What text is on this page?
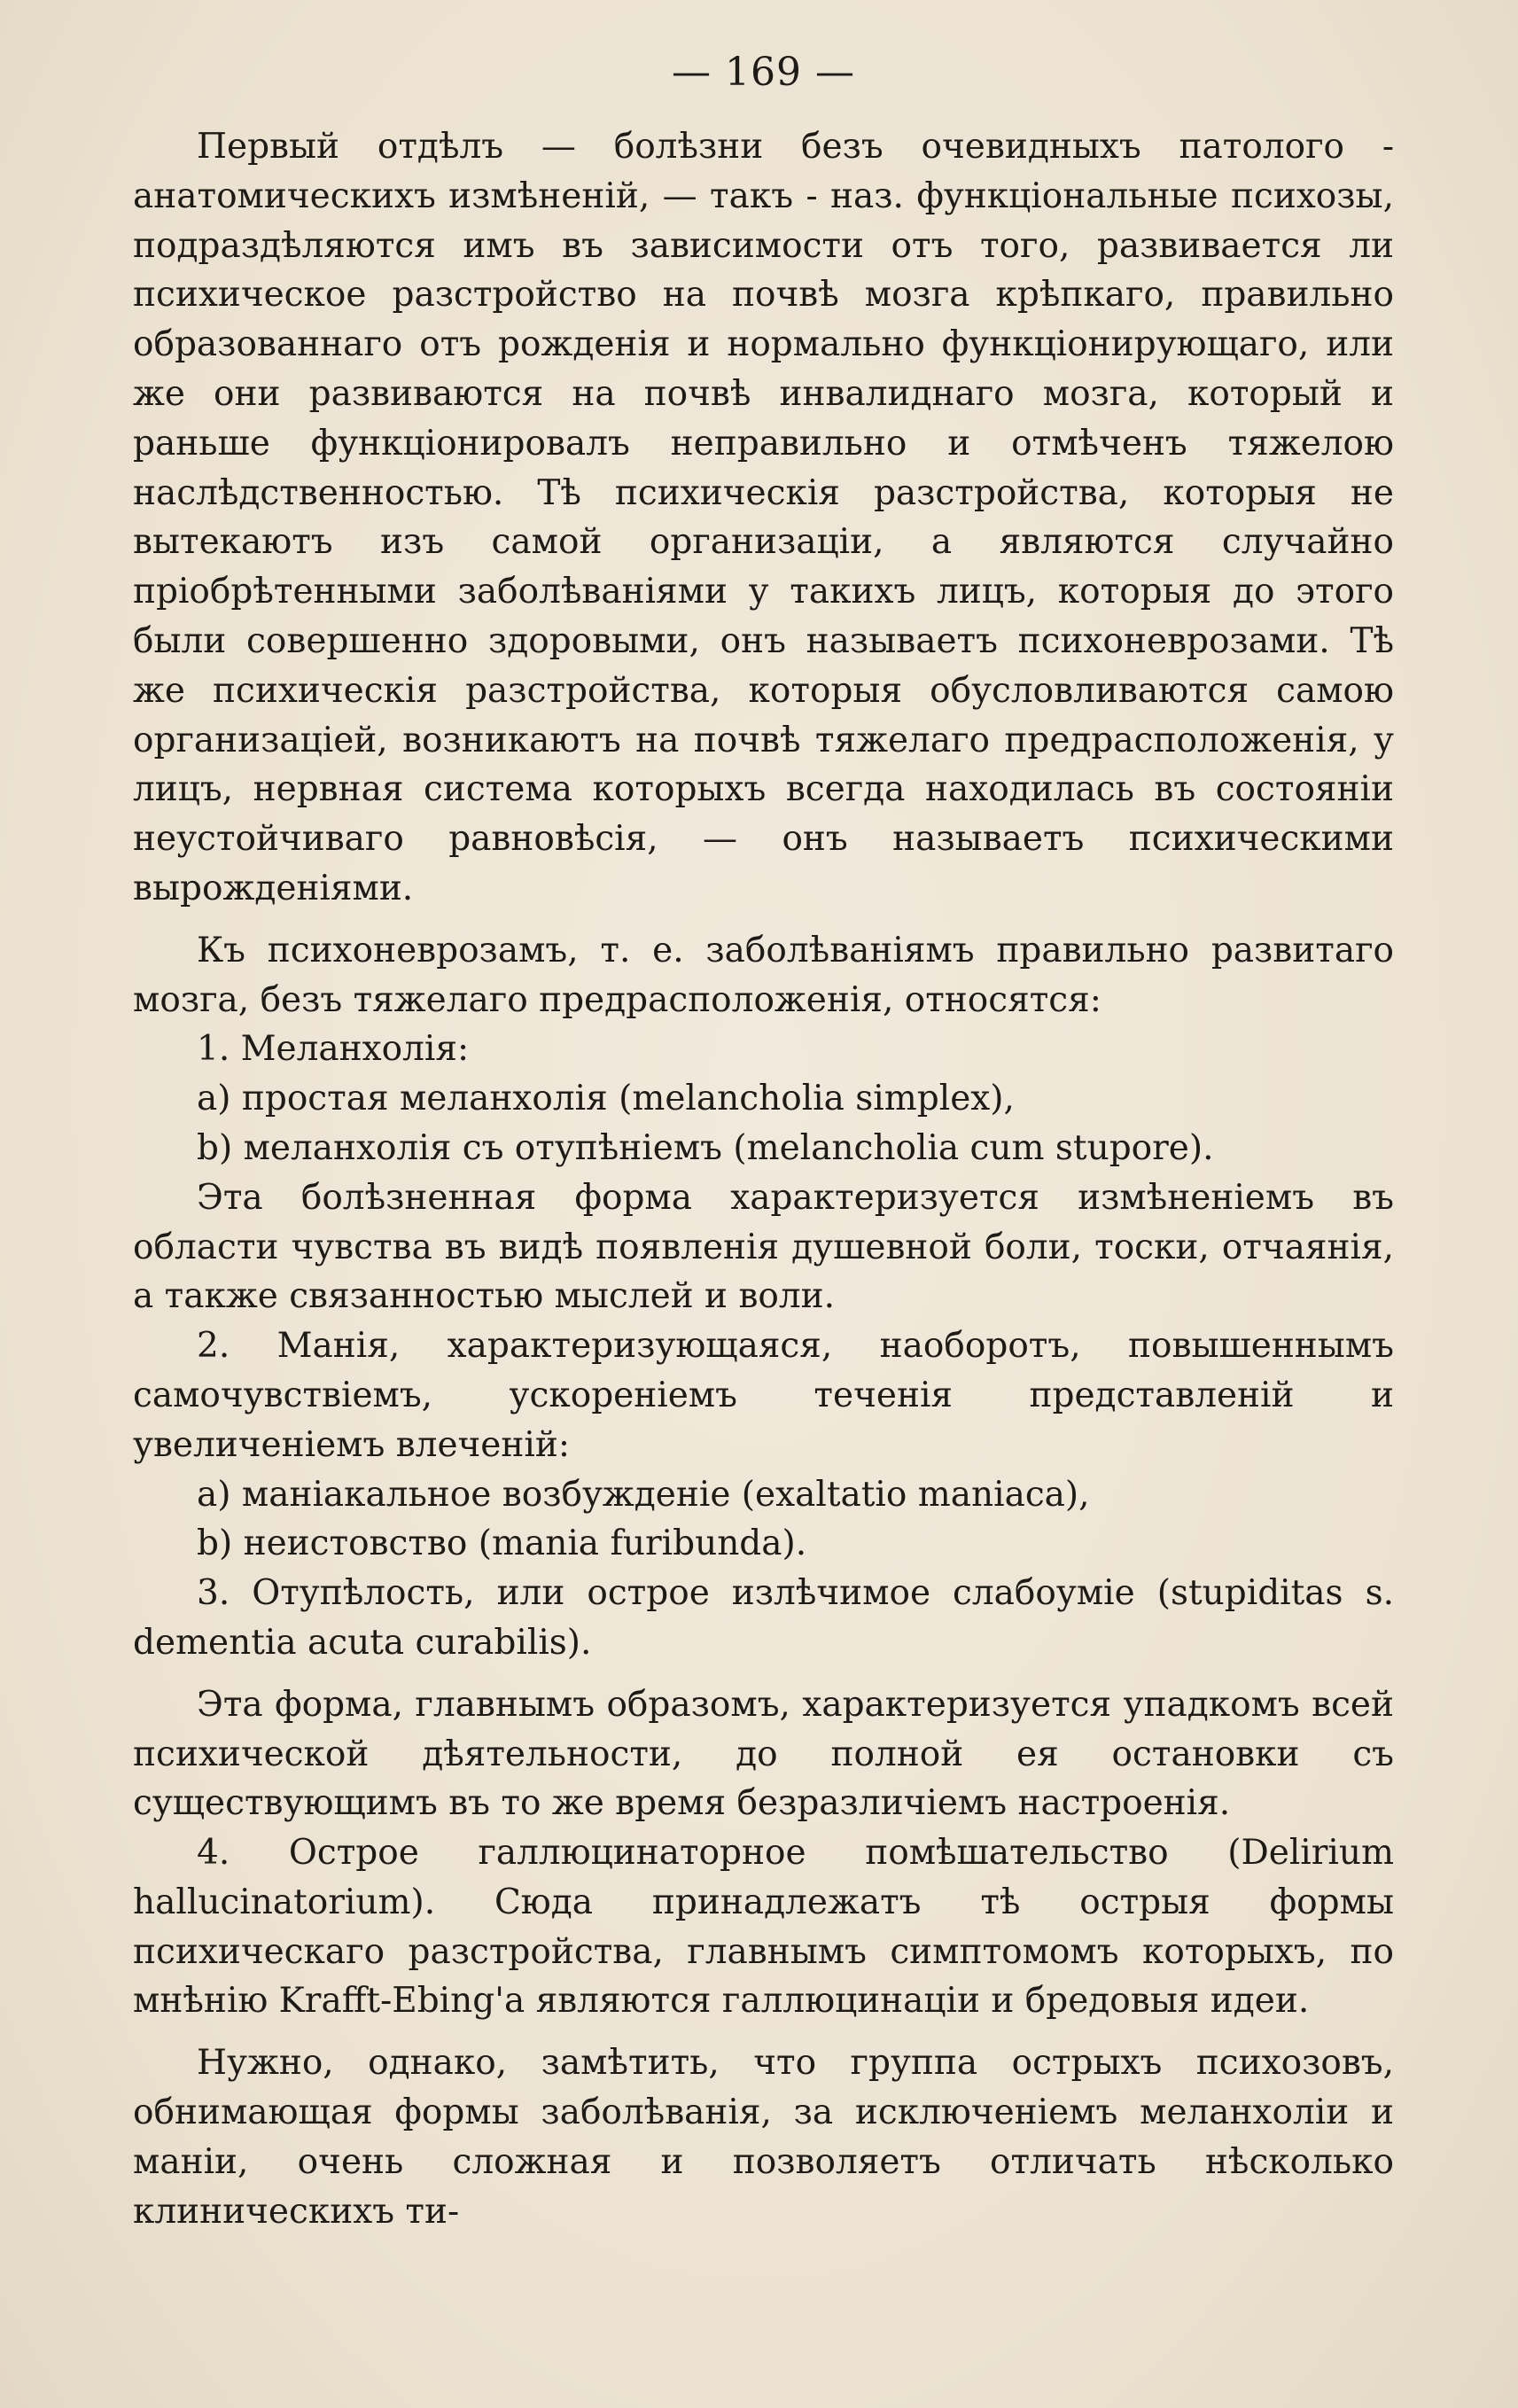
— 169 —

Первый отдѣлъ — болѣзни безъ очевидныхъ патолого - анатомическихъ измѣненій, — такъ - наз. функціональные психозы, подраздѣляются имъ въ зависимости отъ того, развивается ли психическое разстройство на почвѣ мозга крѣпкаго, правильно образованнаго отъ рожденія и нормально функціонирующаго, или же они развиваются на почвѣ инвалиднаго мозга, который и раньше функціонировалъ неправильно и отмѣченъ тяжелою наслѣдственностью. Тѣ психическія разстройства, которыя не вытекаютъ изъ самой организаціи, а являются случайно пріобрѣтенными заболѣваніями у такихъ лицъ, которыя до этого были совершенно здоровыми, онъ называетъ психоневрозами. Тѣ же психическія разстройства, которыя обусловливаются самою организаціей, возникаютъ на почвѣ тяжелаго предрасположенія, у лицъ, нервная система которыхъ всегда находилась въ состояніи неустойчиваго равновѣсія, — онъ называетъ психическими вырожденіями.

Къ психоневрозамъ, т. е. заболѣваніямъ правильно развитаго мозга, безъ тяжелаго предрасположенія, относятся:

1. Меланхолія:

a) простая меланхолія (melancholia simplex),

b) меланхолія съ отупѣніемъ (melancholia cum stupore).

Эта болѣзненная форма характеризуется измѣненіемъ въ области чувства въ видѣ появленія душевной боли, тоски, отчаянія, а также связанностью мыслей и воли.

2. Манія, характеризующаяся, наоборотъ, повышеннымъ самочувствіемъ, ускореніемъ теченія представленій и увеличеніемъ влеченій:

a) маніакальное возбужденіе (exaltatio maniaca),

b) неистовство (mania furibunda).

3. Отупѣлость, или острое излѣчимое слабоумie (stupiditas s. dementia acuta curabilis).

Эта форма, главнымъ образомъ, характеризуется упадкомъ всей психической дѣятельности, до полной ея остановки съ существующимъ въ то же время безразличіемъ настроенія.

4. Острое галлюцинаторное помѣшательство (Delirium hallucinatorium). Сюда принадлежатъ тѣ острыя формы психическаго разстройства, главнымъ симптомомъ которыхъ, по мнѣнію Krafft-Ebing'а являются галлюцинаціи и бредовыя идеи.

Нужно, однако, замѣтить, что группа острыхъ психозовъ, обнимающая формы заболѣванія, за исключеніемъ меланхоліи и маніи, очень сложная и позволяетъ отличать нѣсколько клиническихъ ти-
